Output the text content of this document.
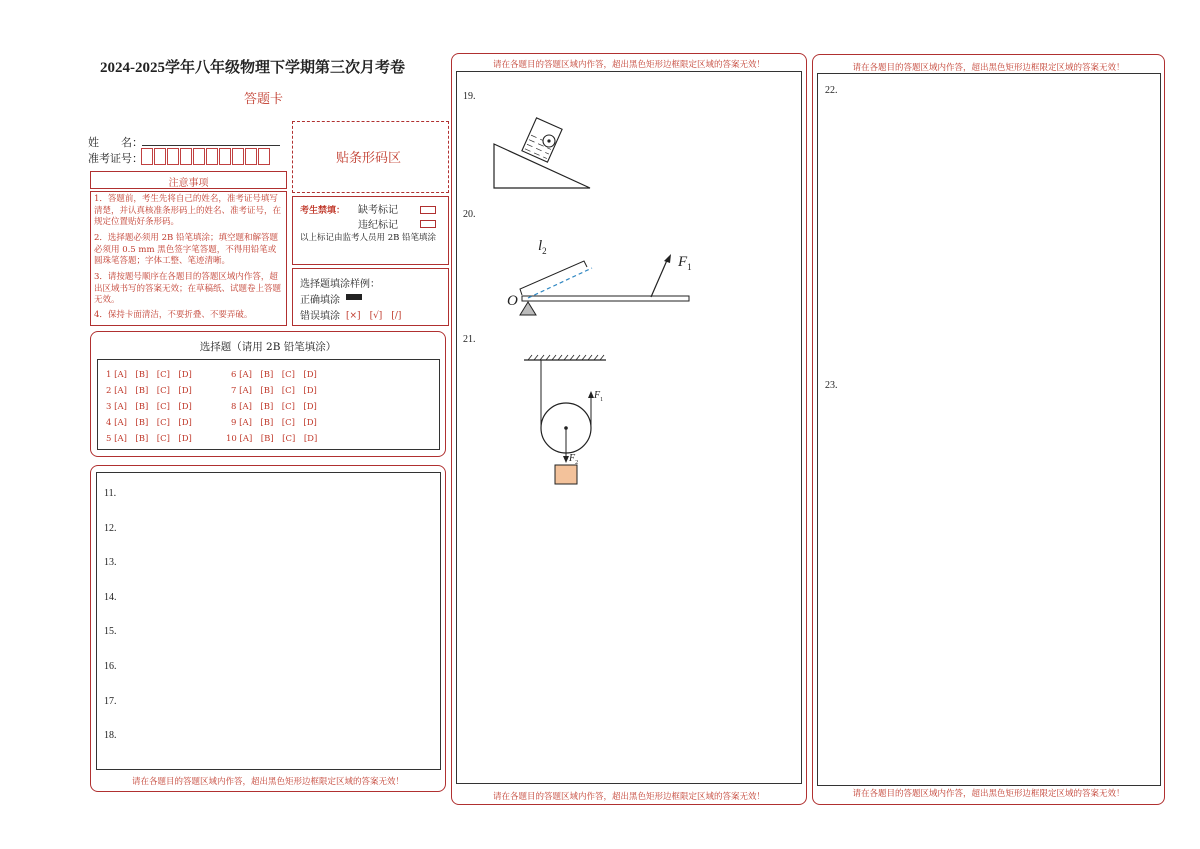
2024-2025学年八年级物理下学期第三次月考卷
答题卡
姓　　名：
准考证号：	贴条形码区
注意事项
1．答题前，考生先将自己的姓名，准考证号填写清楚，并认真核准条形码上的姓名、准考证号，在规定位置贴好条形码。
2．选择题必须用 2B 铅笔填涂；填空题和解答题必须用 0.5 mm 黑色签字笔答题，不得用铅笔或圆珠笔答题；字体工整、笔迹清晰。
3．请按题号顺序在各题目的答题区域内作答，超出区域书写的答案无效；在草稿纸、试题卷上答题无效。
4．保持卡面清洁，不要折叠、不要弄破。
考生禁填： 缺考标记
违纪标记
以上标记由监考人员用 2B 铅笔填涂
选择题填涂样例：
正确填涂
错误填涂 [×]　[√]　[/]
选择题（请用 2B 铅笔填涂）
1 [A]　[B]　[C]　[D]
2 [A]　[B]　[C]　[D]
3 [A]　[B]　[C]　[D]
4 [A]　[B]　[C]　[D]
5 [A]　[B]　[C]　[D]
6 [A]　[B]　[C]　[D]
7 [A]　[B]　[C]　[D]
8 [A]　[B]　[C]　[D]
9 [A]　[B]　[C]　[D]
10 [A]　[B]　[C]　[D]
11.
12.
13.
14.
15.
16.
17.
18.
请在各题目的答题区域内作答，超出黑色矩形边框限定区域的答案无效！
请在各题目的答题区域内作答，超出黑色矩形边框限定区域的答案无效！
请在各题目的答题区域内作答，超出黑色矩形边框限定区域的答案无效！
19.
20.
21.
$l_2$
$F_1$
O
$F_1$
$F_2$
请在各题目的答题区域内作答，超出黑色矩形边框限定区域的答案无效！
请在各题目的答题区域内作答，超出黑色矩形边框限定区域的答案无效！
22.
23.
